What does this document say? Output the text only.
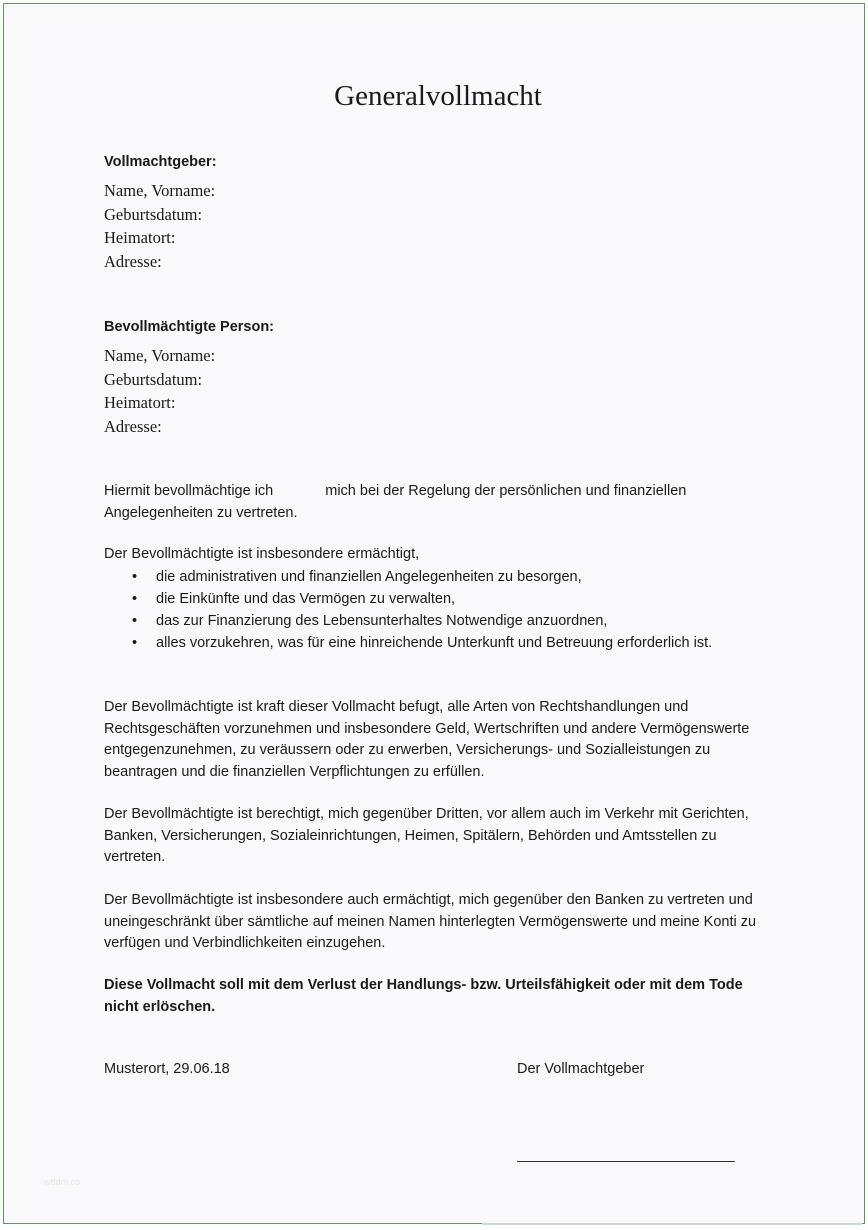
Generalvollmacht

Vollmachtgeber:

Name, Vorname:
Geburtsdatum:
Heimatort:
Adresse:

Bevollmächtigte Person:

Name, Vorname:
Geburtsdatum:
Heimatort:
Adresse:

Hiermit bevollmächtige ich	mich bei der Regelung der persönlichen und finanziellen Angelegenheiten zu vertreten.

Der Bevollmächtigte ist insbesondere ermächtigt,

• die administrativen und finanziellen Angelegenheiten zu besorgen,
• die Einkünfte und das Vermögen zu verwalten,
• das zur Finanzierung des Lebensunterhaltes Notwendige anzuordnen,
• alles vorzukehren, was für eine hinreichende Unterkunft und Betreuung erforderlich ist.

Der Bevollmächtigte ist kraft dieser Vollmacht befugt, alle Arten von Rechtshandlungen und Rechtsgeschäften vorzunehmen und insbesondere Geld, Wertschriften und andere Vermögenswerte entgegenzunehmen, zu veräussern oder zu erwerben, Versicherungs- und Sozialleistungen zu beantragen und die finanziellen Verpflichtungen zu erfüllen.

Der Bevollmächtigte ist berechtigt, mich gegenüber Dritten, vor allem auch im Verkehr mit Gerichten, Banken, Versicherungen, Sozialeinrichtungen, Heimen, Spitälern, Behörden und Amtsstellen zu vertreten.

Der Bevollmächtigte ist insbesondere auch ermächtigt, mich gegenüber den Banken zu vertreten und uneingeschränkt über sämtliche auf meinen Namen hinterlegten Vermögenswerte und meine Konti zu verfügen und Verbindlichkeiten einzugehen.

Diese Vollmacht soll mit dem Verlust der Handlungs- bzw. Urteilsfähigkeit oder mit dem Tode nicht erlöschen.

Musterort, 29.06.18	Der Vollmachtgeber
wtfdm.co
